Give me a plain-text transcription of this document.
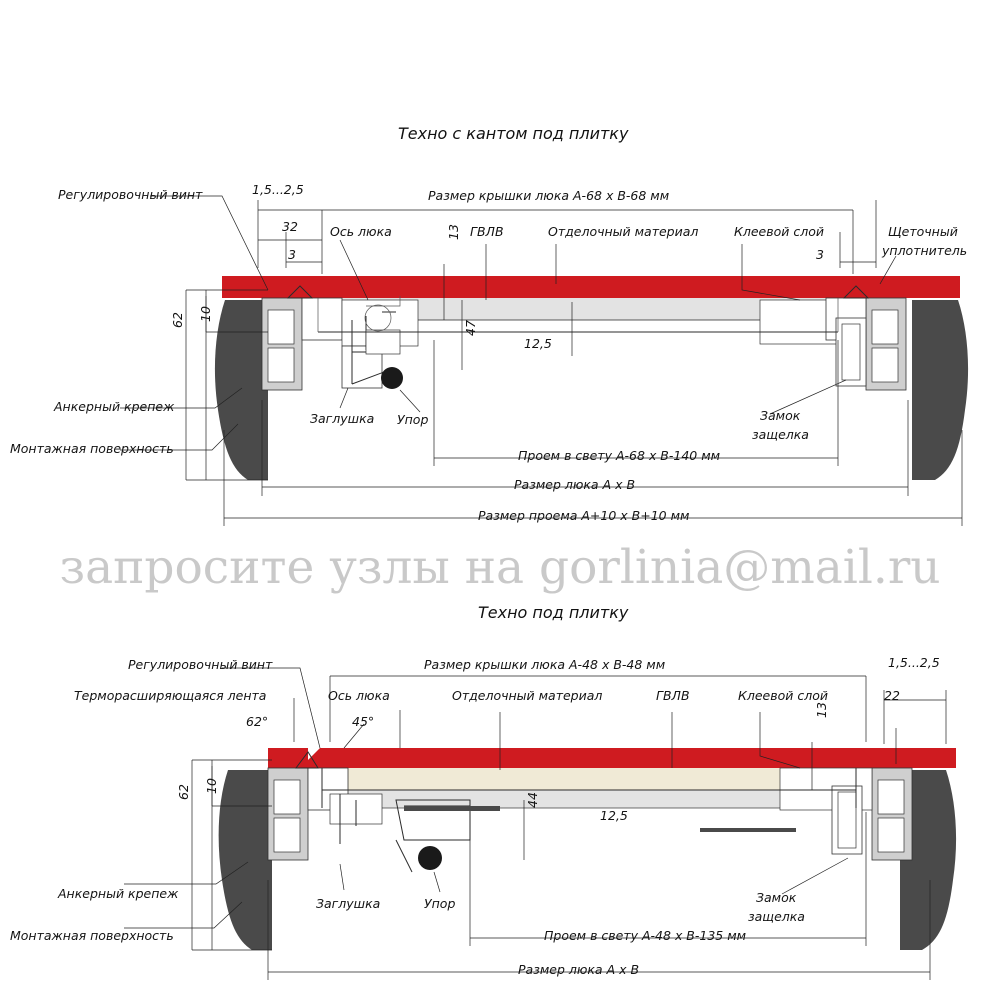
Техно с кантом под плитку
Регулировочный винт	1,5...2,5	Размер крышки люка А-68 х В-68 мм
32
3
Ось люка	ГВЛВ	Отделочный материал	Клеевой слой	Щеточный
уплотнитель
3
13
62 10
47
12,5
Анкерный крепеж
Монтажная поверхность
Заглушка Упор	Замок
защелка
Проем в свету А-68 х В-140 мм
Размер люка А х В
Размер проема А+10 х В+10 мм
запросите узлы на gorlinia@mail.ru
Техно под плитку
Регулировочный винт
Терморасширяющаяся лента
62°	45°
Ось люка
Размер крышки люка А-48 х В-48 мм
Отделочный материал	ГВЛВ	Клеевой слой
1,5...2,5
22
13
62 10
44
12,5
Анкерный крепеж
Монтажная поверхность
Заглушка	Упор	Замок
защелка
Проем в свету А-48 х В-135 мм
Размер люка А х В
